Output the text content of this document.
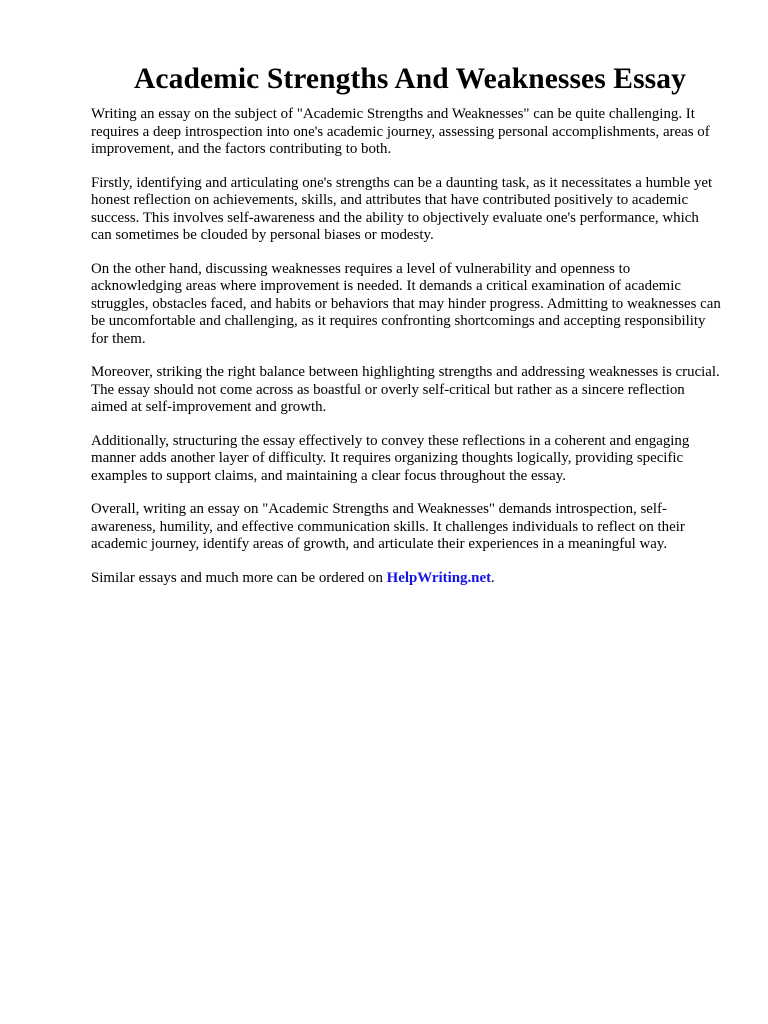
Academic Strengths And Weaknesses Essay

Writing an essay on the subject of "Academic Strengths and Weaknesses" can be quite challenging. It requires a deep introspection into one's academic journey, assessing personal accomplishments, areas of improvement, and the factors contributing to both.

Firstly, identifying and articulating one's strengths can be a daunting task, as it necessitates a humble yet honest reflection on achievements, skills, and attributes that have contributed positively to academic success. This involves self-awareness and the ability to objectively evaluate one's performance, which can sometimes be clouded by personal biases or modesty.

On the other hand, discussing weaknesses requires a level of vulnerability and openness to acknowledging areas where improvement is needed. It demands a critical examination of academic struggles, obstacles faced, and habits or behaviors that may hinder progress. Admitting to weaknesses can be uncomfortable and challenging, as it requires confronting shortcomings and accepting responsibility for them.

Moreover, striking the right balance between highlighting strengths and addressing weaknesses is crucial. The essay should not come across as boastful or overly self-critical but rather as a sincere reflection aimed at self-improvement and growth.

Additionally, structuring the essay effectively to convey these reflections in a coherent and engaging manner adds another layer of difficulty. It requires organizing thoughts logically, providing specific examples to support claims, and maintaining a clear focus throughout the essay.

Overall, writing an essay on "Academic Strengths and Weaknesses" demands introspection, self-awareness, humility, and effective communication skills. It challenges individuals to reflect on their academic journey, identify areas of growth, and articulate their experiences in a meaningful way.

Similar essays and much more can be ordered on HelpWriting.net.
